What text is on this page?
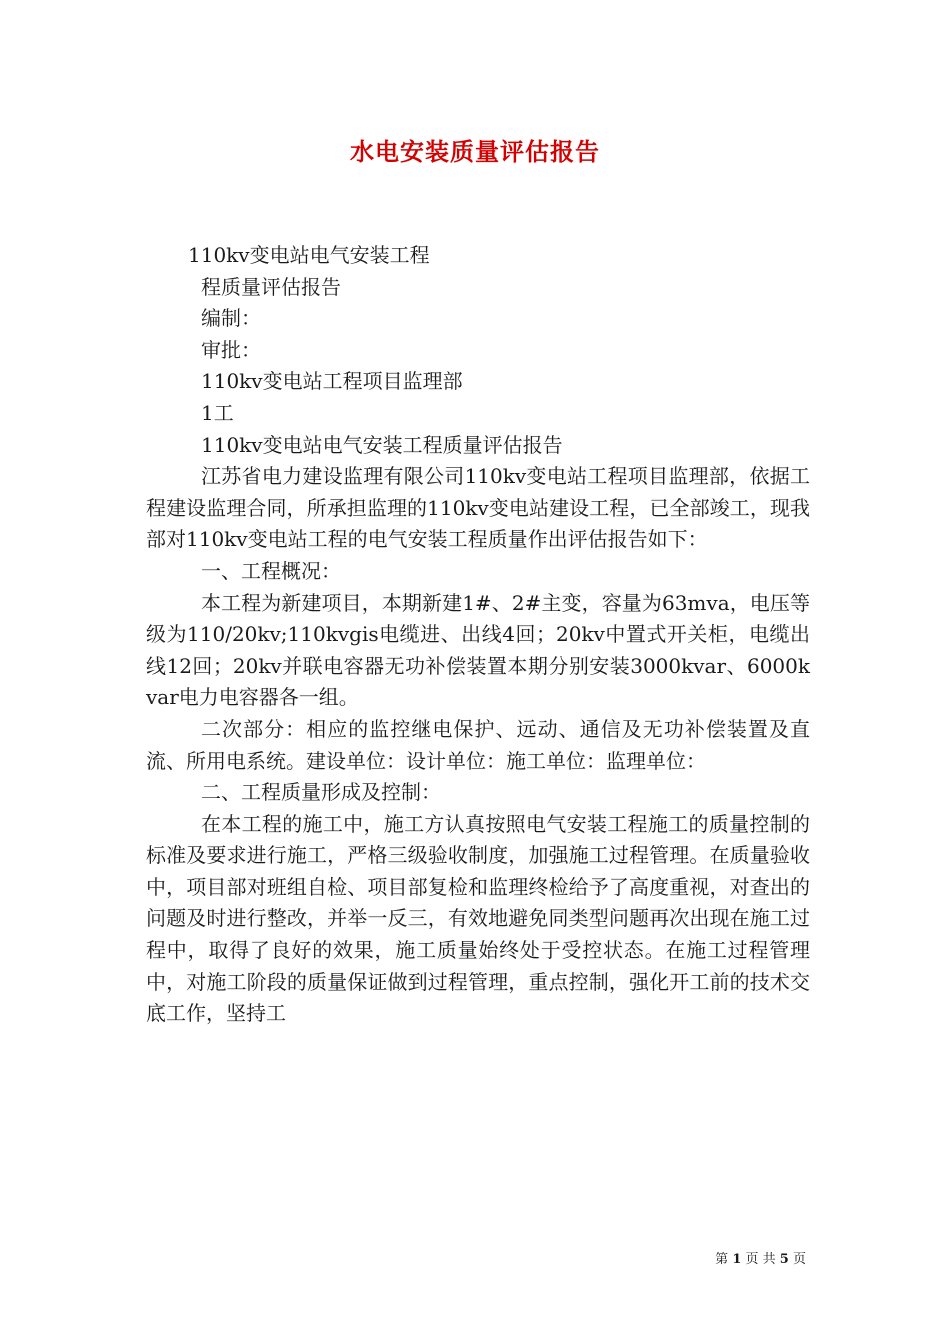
水电安装质量评估报告
110kv变电站电气安装工程
程质量评估报告
编制：
审批：
110kv变电站工程项目监理部
1工
110kv变电站电气安装工程质量评估报告
江苏省电力建设监理有限公司110kv变电站工程项目监理部，依据工程建设监理合同，所承担监理的110kv变电站建设工程，已全部竣工，现我部对110kv变电站工程的电气安装工程质量作出评估报告如下：
一、工程概况：
本工程为新建项目，本期新建1#、2#主变，容量为63mva，电压等级为110/20kv;110kvgis电缆进、出线4回；20kv中置式开关柜，电缆出线12回；20kv并联电容器无功补偿装置本期分别安装3000kvar、6000kvar电力电容器各一组。
二次部分：相应的监控继电保护、远动、通信及无功补偿装置及直流、所用电系统。建设单位：设计单位：施工单位：监理单位：
二、工程质量形成及控制：
在本工程的施工中，施工方认真按照电气安装工程施工的质量控制的标准及要求进行施工，严格三级验收制度，加强施工过程管理。在质量验收中，项目部对班组自检、项目部复检和监理终检给予了高度重视，对查出的问题及时进行整改，并举一反三，有效地避免同类型问题再次出现在施工过程中，取得了良好的效果，施工质量始终处于受控状态。在施工过程管理中，对施工阶段的质量保证做到过程管理，重点控制，强化开工前的技术交底工作，坚持工
第 1 页 共 5 页
